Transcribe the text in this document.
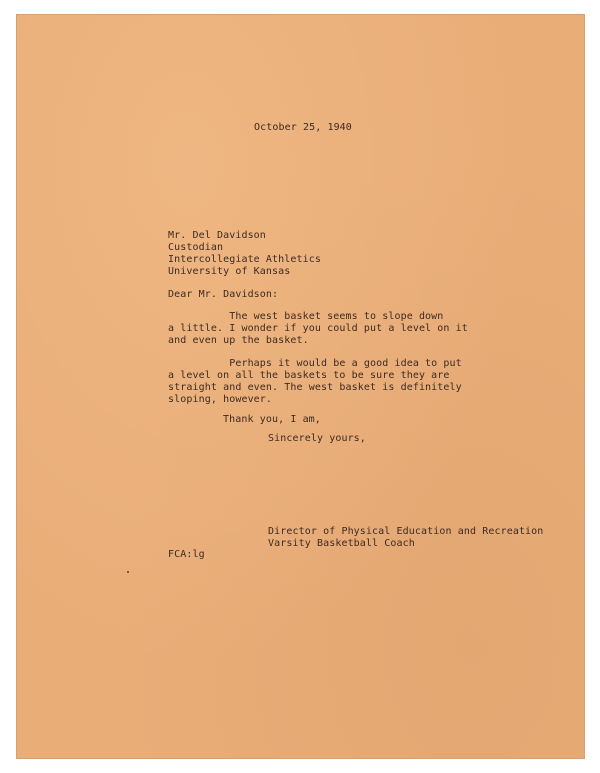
October 25, 1940
Mr. Del Davidson
Custodian
Intercollegiate Athletics
University of Kansas
Dear Mr. Davidson:
The west basket seems to slope down
a little. I wonder if you could put a level on it
and even up the basket.
Perhaps it would be a good idea to put
a level on all the baskets to be sure they are
straight and even. The west basket is definitely
sloping, however.
Thank you, I am,
Sincerely yours,
Director of Physical Education and Recreation
Varsity Basketball Coach
FCA:lg
